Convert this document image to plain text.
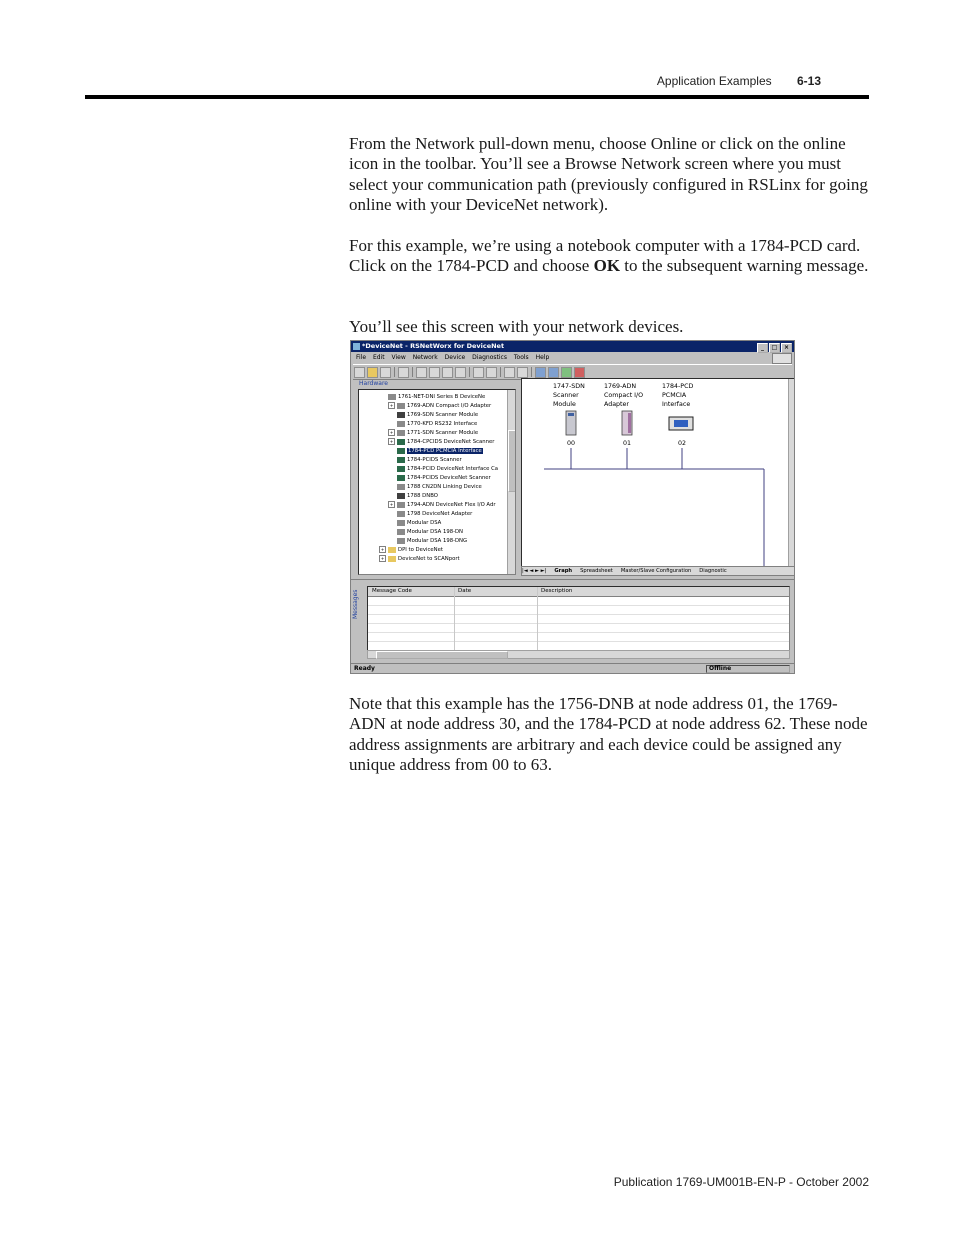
Application Examples 6-13

From the Network pull-down menu, choose Online or click on the online icon in the toolbar. You’ll see a Browse Network screen where you must select your communication path (previously configured in RSLinx for going online with your DeviceNet network).

For this example, we’re using a notebook computer with a 1784-PCD card. Click on the 1784-PCD and choose OK to the subsequent warning message.

You’ll see this screen with your network devices.

*DeviceNet - RSNetWorx for DeviceNet	_ □ ×
File Edit View Network Device Diagnostics Tools Help
Hardware
+	DeviceNet to SCANport
+	DPI to DeviceNet
Modular DSA 198-DNG
Modular DSA 198-DN
Modular DSA
1798 DeviceNet Adapter
+	1794-ADN DeviceNet Flex I/O Adr
1788 DNBO
1788 CN2DN Linking Device
1784-PCIDS DeviceNet Scanner
1784-PCID DeviceNet Interface Ca
1784-PCIDS Scanner
1784-PCD PCMCIA Interface
+	1784-CPCIDS DeviceNet Scanner
+	1771-SDN Scanner Module
1770-KFD RS232 Interface
1769-SDN Scanner Module
+	1769-ADN Compact I/O Adapter
1761-NET-DNI Series B DeviceNe
1747-SDN
Scanner
Module
1769-ADN
Compact I/O
Adapter
1784-PCD
PCMCIA
Interface
00	01	02
|◄ ◄ ► ►| Graph Spreadsheet Master/Slave Configuration Diagnostic
Messages Message Code	Date	Description
Ready	Offline

Note that this example has the 1756-DNB at node address 01, the 1769-ADN at node address 30, and the 1784-PCD at node address 62. These node address assignments are arbitrary and each device could be assigned any unique address from 00 to 63.

Publication 1769-UM001B-EN-P - October 2002
